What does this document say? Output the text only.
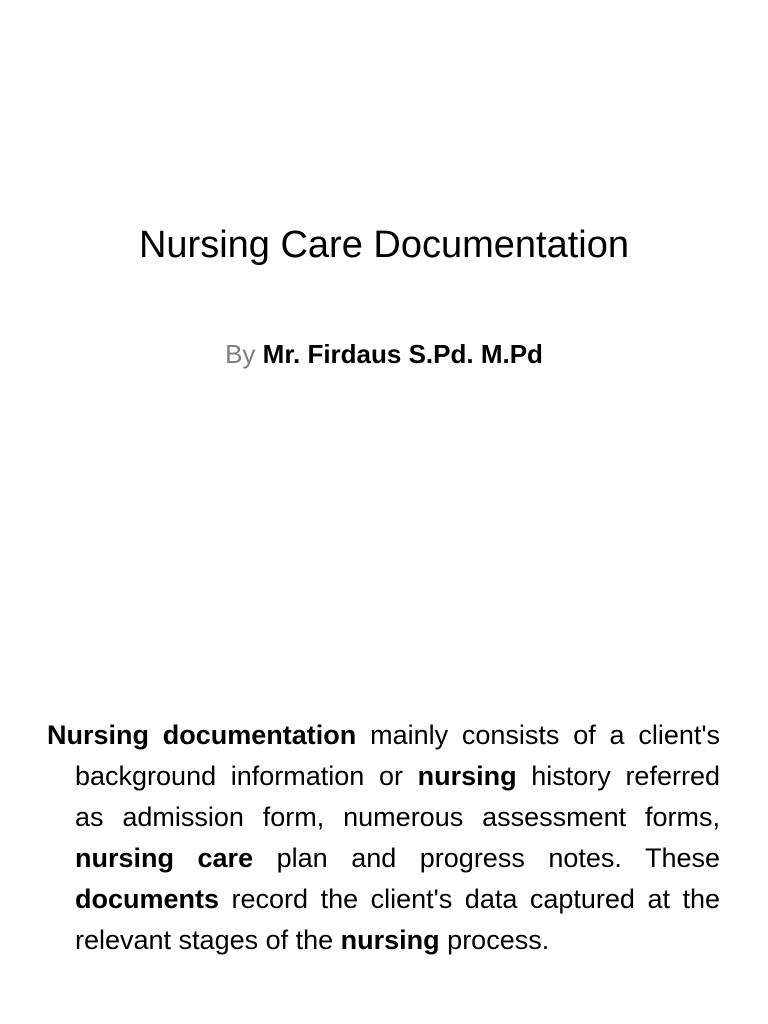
Nursing Care Documentation

By Mr. Firdaus S.Pd. M.Pd

Nursing documentation mainly consists of a client's background information or nursing history referred as admission form, numerous assessment forms, nursing care plan and progress notes. These documents record the client's data captured at the relevant stages of the nursing process.
